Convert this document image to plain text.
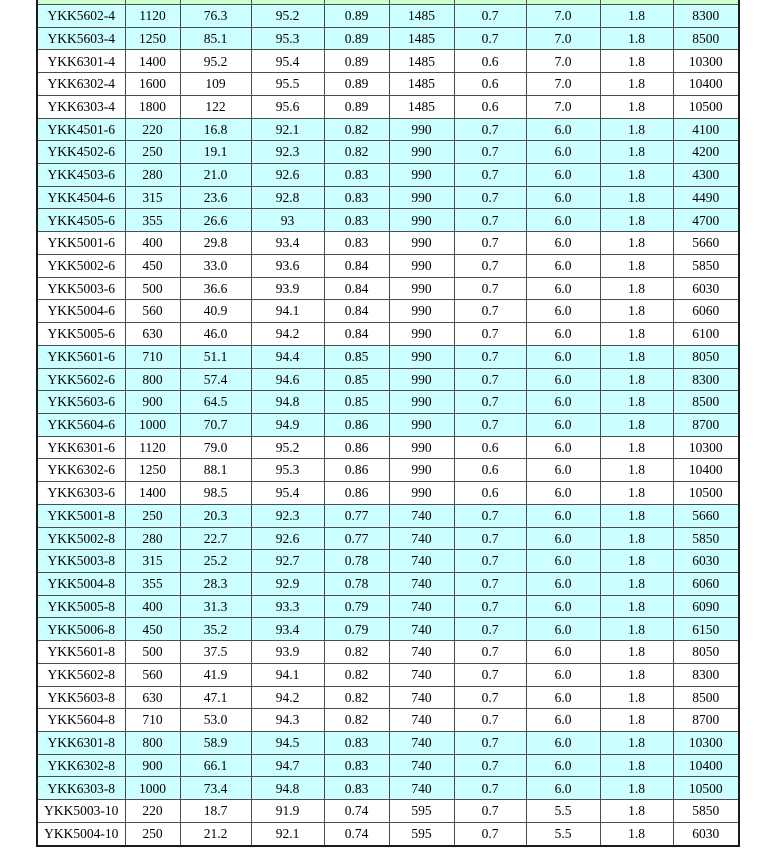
YKK5602-4	1120	76.3	95.2	0.89	1485	0.7	7.0	1.8	8300
YKK5603-4	1250	85.1	95.3	0.89	1485	0.7	7.0	1.8	8500
YKK6301-4	1400	95.2	95.4	0.89	1485	0.6	7.0	1.8	10300
YKK6302-4	1600	109	95.5	0.89	1485	0.6	7.0	1.8	10400
YKK6303-4	1800	122	95.6	0.89	1485	0.6	7.0	1.8	10500
YKK4501-6	220	16.8	92.1	0.82	990	0.7	6.0	1.8	4100
YKK4502-6	250	19.1	92.3	0.82	990	0.7	6.0	1.8	4200
YKK4503-6	280	21.0	92.6	0.83	990	0.7	6.0	1.8	4300
YKK4504-6	315	23.6	92.8	0.83	990	0.7	6.0	1.8	4490
YKK4505-6	355	26.6	93	0.83	990	0.7	6.0	1.8	4700
YKK5001-6	400	29.8	93.4	0.83	990	0.7	6.0	1.8	5660
YKK5002-6	450	33.0	93.6	0.84	990	0.7	6.0	1.8	5850
YKK5003-6	500	36.6	93.9	0.84	990	0.7	6.0	1.8	6030
YKK5004-6	560	40.9	94.1	0.84	990	0.7	6.0	1.8	6060
YKK5005-6	630	46.0	94.2	0.84	990	0.7	6.0	1.8	6100
YKK5601-6	710	51.1	94.4	0.85	990	0.7	6.0	1.8	8050
YKK5602-6	800	57.4	94.6	0.85	990	0.7	6.0	1.8	8300
YKK5603-6	900	64.5	94.8	0.85	990	0.7	6.0	1.8	8500
YKK5604-6	1000	70.7	94.9	0.86	990	0.7	6.0	1.8	8700
YKK6301-6	1120	79.0	95.2	0.86	990	0.6	6.0	1.8	10300
YKK6302-6	1250	88.1	95.3	0.86	990	0.6	6.0	1.8	10400
YKK6303-6	1400	98.5	95.4	0.86	990	0.6	6.0	1.8	10500
YKK5001-8	250	20.3	92.3	0.77	740	0.7	6.0	1.8	5660
YKK5002-8	280	22.7	92.6	0.77	740	0.7	6.0	1.8	5850
YKK5003-8	315	25.2	92.7	0.78	740	0.7	6.0	1.8	6030
YKK5004-8	355	28.3	92.9	0.78	740	0.7	6.0	1.8	6060
YKK5005-8	400	31.3	93.3	0.79	740	0.7	6.0	1.8	6090
YKK5006-8	450	35.2	93.4	0.79	740	0.7	6.0	1.8	6150
YKK5601-8	500	37.5	93.9	0.82	740	0.7	6.0	1.8	8050
YKK5602-8	560	41.9	94.1	0.82	740	0.7	6.0	1.8	8300
YKK5603-8	630	47.1	94.2	0.82	740	0.7	6.0	1.8	8500
YKK5604-8	710	53.0	94.3	0.82	740	0.7	6.0	1.8	8700
YKK6301-8	800	58.9	94.5	0.83	740	0.7	6.0	1.8	10300
YKK6302-8	900	66.1	94.7	0.83	740	0.7	6.0	1.8	10400
YKK6303-8	1000	73.4	94.8	0.83	740	0.7	6.0	1.8	10500
YKK5003-10	220	18.7	91.9	0.74	595	0.7	5.5	1.8	5850
YKK5004-10	250	21.2	92.1	0.74	595	0.7	5.5	1.8	6030
